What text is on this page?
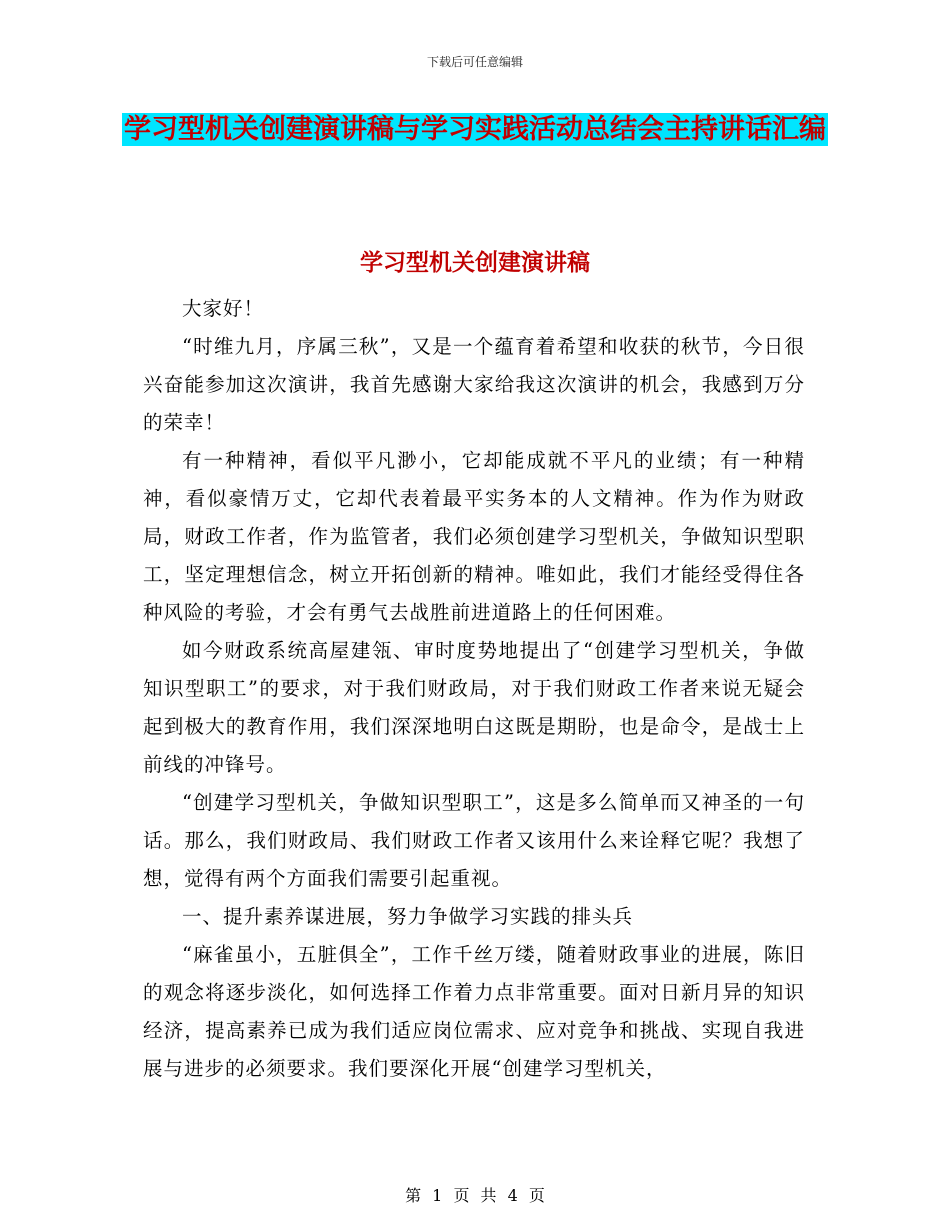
下载后可任意编辑
学习型机关创建演讲稿与学习实践活动总结会主持讲话汇编
学习型机关创建演讲稿

大家好！

“时维九月，序属三秋”，又是一个蕴育着希望和收获的秋节，今日很兴奋能参加这次演讲，我首先感谢大家给我这次演讲的机会，我感到万分的荣幸！

有一种精神，看似平凡渺小，它却能成就不平凡的业绩；有一种精神，看似豪情万丈，它却代表着最平实务本的人文精神。作为作为财政局，财政工作者，作为监管者，我们必须创建学习型机关，争做知识型职工，坚定理想信念，树立开拓创新的精神。唯如此，我们才能经受得住各种风险的考验，才会有勇气去战胜前进道路上的任何困难。

如今财政系统高屋建瓴、审时度势地提出了“创建学习型机关，争做知识型职工”的要求，对于我们财政局，对于我们财政工作者来说无疑会起到极大的教育作用，我们深深地明白这既是期盼，也是命令，是战士上前线的冲锋号。

“创建学习型机关，争做知识型职工”，这是多么简单而又神圣的一句话。那么，我们财政局、我们财政工作者又该用什么来诠释它呢？我想了想，觉得有两个方面我们需要引起重视。

一、提升素养谋进展，努力争做学习实践的排头兵

“麻雀虽小，五脏俱全”，工作千丝万缕，随着财政事业的进展，陈旧的观念将逐步淡化，如何选择工作着力点非常重要。面对日新月异的知识经济，提高素养已成为我们适应岗位需求、应对竞争和挑战、实现自我进展与进步的必须要求。我们要深化开展“创建学习型机关，

第 1 页 共 4 页
